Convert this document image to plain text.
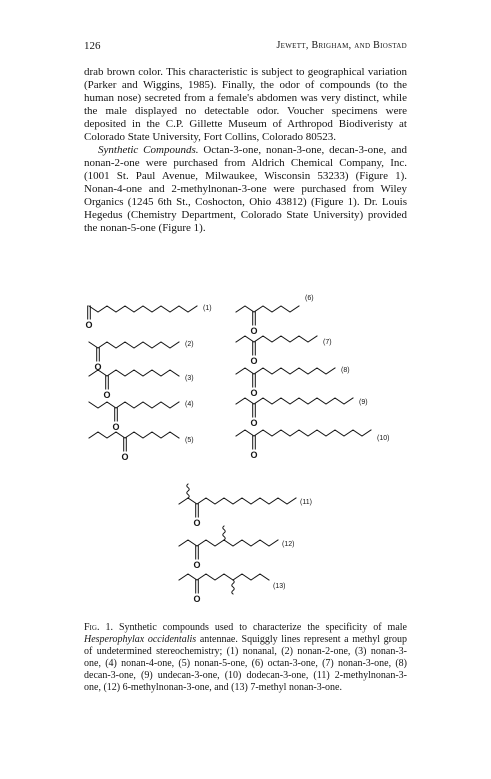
126	Jewett, Brigham, and Biostad

drab brown color. This characteristic is subject to geographical variation (Parker and Wiggins, 1985). Finally, the odor of compounds (to the human nose) secreted from a female's abdomen was very distinct, while the male displayed no detectable odor. Voucher specimens were deposited in the C.P. Gillette Museum of Arthropod Biodiveristy at Colorado State University, Fort Collins, Colorado 80523.

Synthetic Compounds. Octan-3-one, nonan-3-one, decan-3-one, and nonan-2-one were purchased from Aldrich Chemical Company, Inc. (1001 St. Paul Avenue, Milwaukee, Wisconsin 53233) (Figure 1). Nonan-4-one and 2-methylnonan-3-one were purchased from Wiley Organics (1245 6th St., Coshocton, Ohio 43812) (Figure 1). Dr. Louis Hegedus (Chemistry Department, Colorado State University) provided the nonan-5-one (Figure 1).

O
(1)
O
(2)
O
(3)
O
(4)
O
(5)
O
(6)
O
(7)
O
(8)
O
(9)
O
(10)
O
(11)
O
(12)
O
(13)
Fig. 1. Synthetic compounds used to characterize the specificity of male Hesperophylax occidentalis antennae. Squiggly lines represent a methyl group of undetermined stereochemistry; (1) nonanal, (2) nonan-2-one, (3) nonan-3-one, (4) nonan-4-one, (5) nonan-5-one, (6) octan-3-one, (7) nonan-3-one, (8) decan-3-one, (9) undecan-3-one, (10) dodecan-3-one, (11) 2-methylnonan-3-one, (12) 6-methylnonan-3-one, and (13) 7-methyl nonan-3-one.
